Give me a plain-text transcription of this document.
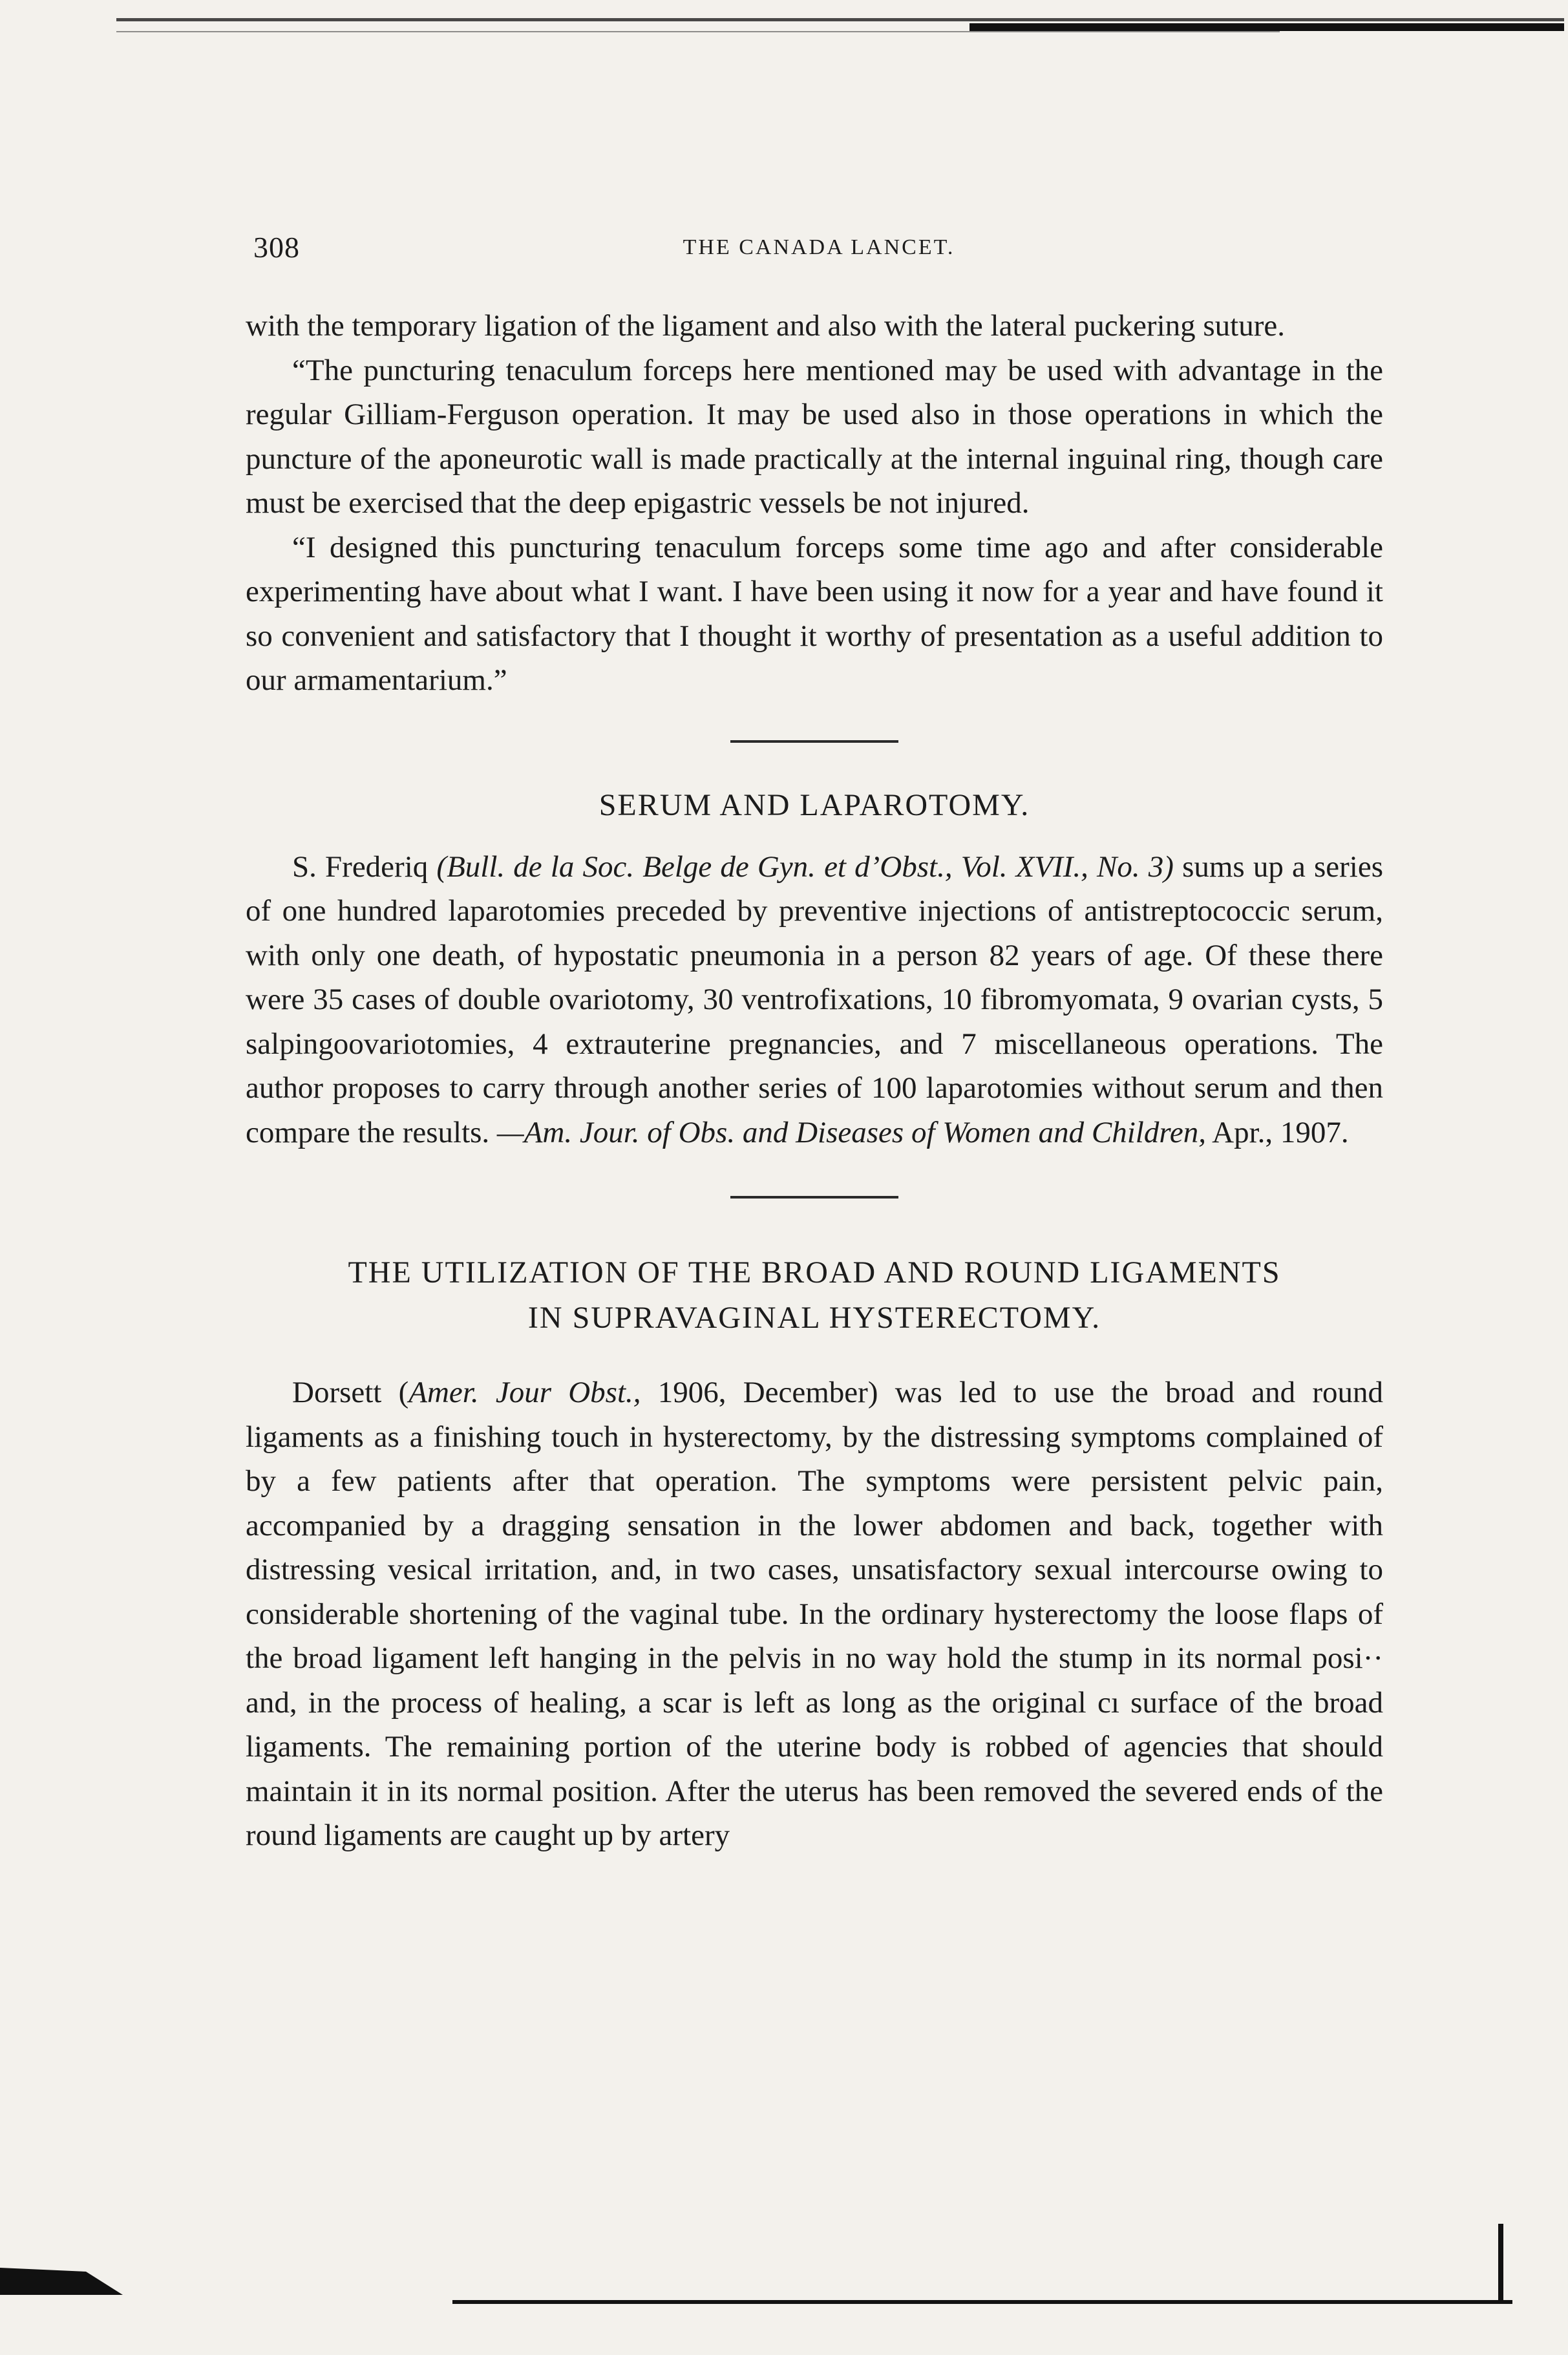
308	THE CANADA LANCET.

with the temporary ligation of the ligament and also with the lateral puckering suture.

“The puncturing tenaculum forceps here mentioned may be used with advantage in the regular Gilliam-Ferguson operation. It may be used also in those operations in which the puncture of the aponeurotic wall is made practically at the internal inguinal ring, though care must be exercised that the deep epigastric vessels be not injured.

“I designed this puncturing tenaculum forceps some time ago and after considerable experimenting have about what I want. I have been using it now for a year and have found it so convenient and satisfactory that I thought it worthy of presentation as a useful addition to our armamentarium.”

SERUM AND LAPAROTOMY.

S. Frederiq (Bull. de la Soc. Belge de Gyn. et d’Obst., Vol. XVII., No. 3) sums up a series of one hundred laparotomies preceded by preventive injections of antistreptococcic serum, with only one death, of hypostatic pneumonia in a person 82 years of age. Of these there were 35 cases of double ovariotomy, 30 ventrofixations, 10 fibromyomata, 9 ovarian cysts, 5 salpingoovariotomies, 4 extrauterine pregnancies, and 7 miscellaneous operations. The author proposes to carry through another series of 100 laparotomies without serum and then compare the results. —Am. Jour. of Obs. and Diseases of Women and Children, Apr., 1907.

THE UTILIZATION OF THE BROAD AND ROUND LIGAMENTS
IN SUPRAVAGINAL HYSTERECTOMY.

Dorsett (Amer. Jour Obst., 1906, December) was led to use the broad and round ligaments as a finishing touch in hysterectomy, by the distressing symptoms complained of by a few patients after that operation. The symptoms were persistent pelvic pain, accompanied by a dragging sensation in the lower abdomen and back, together with distressing vesical irritation, and, in two cases, unsatisfactory sexual intercourse owing to considerable shortening of the vaginal tube. In the ordinary hysterectomy the loose flaps of the broad ligament left hanging in the pelvis in no way hold the stump in its normal posi·· and, in the process of healing, a scar is left as long as the original cı surface of the broad ligaments. The remaining portion of the uterine body is robbed of agencies that should maintain it in its normal position. After the uterus has been removed the severed ends of the round ligaments are caught up by artery
